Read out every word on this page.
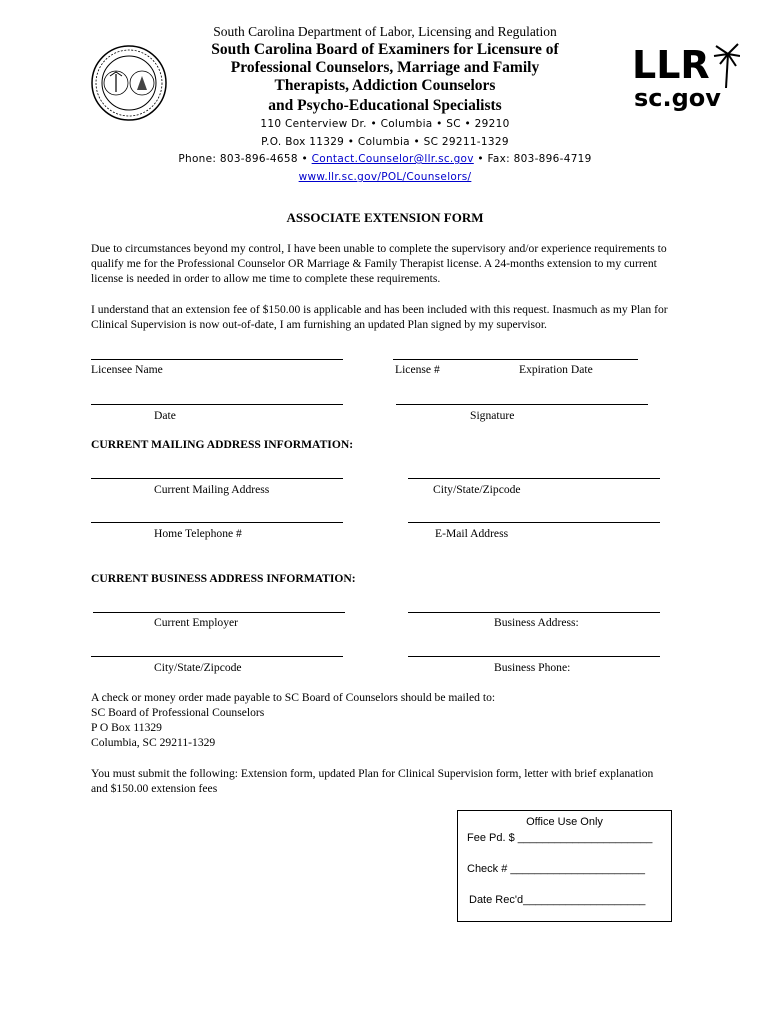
LLR
sc.gov
South Carolina Department of Labor, Licensing and Regulation
South Carolina Board of Examiners for Licensure of
Professional Counselors, Marriage and Family
Therapists, Addiction Counselors
and Psycho-Educational Specialists
110 Centerview Dr. • Columbia • SC • 29210
P.O. Box 11329 • Columbia • SC 29211-1329
Phone: 803-896-4658 • Contact.Counselor@llr.sc.gov • Fax: 803-896-4719
www.llr.sc.gov/POL/Counselors/
ASSOCIATE EXTENSION FORM
Due to circumstances beyond my control, I have been unable to complete the supervisory and/or experience requirements to qualify me for the Professional Counselor OR Marriage & Family Therapist license. A 24-months extension to my current license is needed in order to allow me time to complete these requirements.
I understand that an extension fee of $150.00 is applicable and has been included with this request. Inasmuch as my Plan for Clinical Supervision is now out-of-date, I am furnishing an updated Plan signed by my supervisor.
Licensee Name	License #	Expiration Date
Date	Signature
CURRENT MAILING ADDRESS INFORMATION:
Current Mailing Address	City/State/Zipcode
Home Telephone #	E-Mail Address
CURRENT BUSINESS ADDRESS INFORMATION:
Current Employer	Business Address:
City/State/Zipcode	Business Phone:
A check or money order made payable to SC Board of Counselors should be mailed to:
SC Board of Professional Counselors
P O Box 11329
Columbia, SC 29211-1329
You must submit the following: Extension form, updated Plan for Clinical Supervision form, letter with brief explanation and $150.00 extension fees
Office Use Only
Fee Pd. $ ______________________
Check # ______________________
Date Rec'd____________________
